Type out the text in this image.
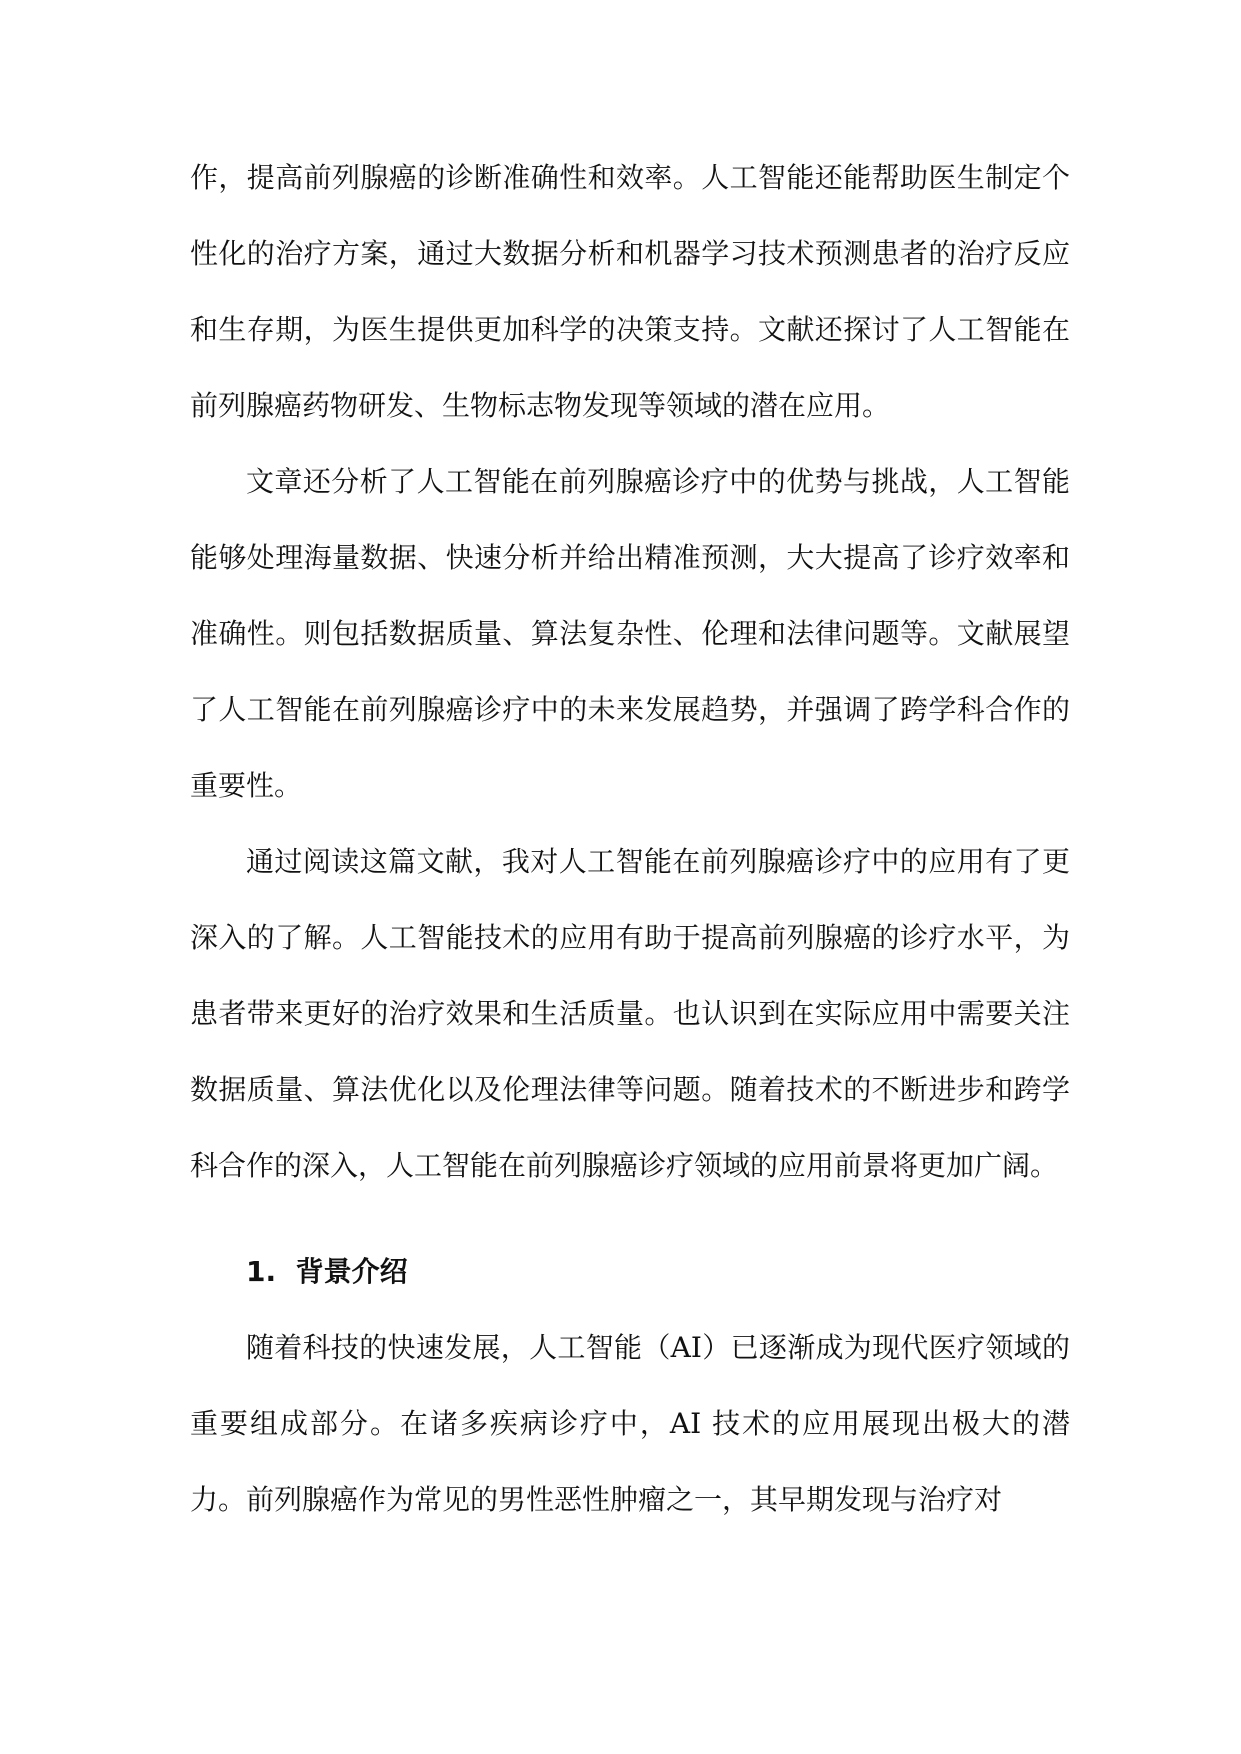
作，提高前列腺癌的诊断准确性和效率。人工智能还能帮助医生制定个性化的治疗方案，通过大数据分析和机器学习技术预测患者的治疗反应和生存期，为医生提供更加科学的决策支持。文献还探讨了人工智能在前列腺癌药物研发、生物标志物发现等领域的潜在应用。

文章还分析了人工智能在前列腺癌诊疗中的优势与挑战，人工智能能够处理海量数据、快速分析并给出精准预测，大大提高了诊疗效率和准确性。则包括数据质量、算法复杂性、伦理和法律问题等。文献展望了人工智能在前列腺癌诊疗中的未来发展趋势，并强调了跨学科合作的重要性。

通过阅读这篇文献，我对人工智能在前列腺癌诊疗中的应用有了更深入的了解。人工智能技术的应用有助于提高前列腺癌的诊疗水平，为患者带来更好的治疗效果和生活质量。也认识到在实际应用中需要关注数据质量、算法优化以及伦理法律等问题。随着技术的不断进步和跨学科合作的深入，人工智能在前列腺癌诊疗领域的应用前景将更加广阔。

1. 背景介绍

随着科技的快速发展，人工智能（AI）已逐渐成为现代医疗领域的重要组成部分。在诸多疾病诊疗中，AI 技术的应用展现出极大的潜力。前列腺癌作为常见的男性恶性肿瘤之一，其早期发现与治疗对
